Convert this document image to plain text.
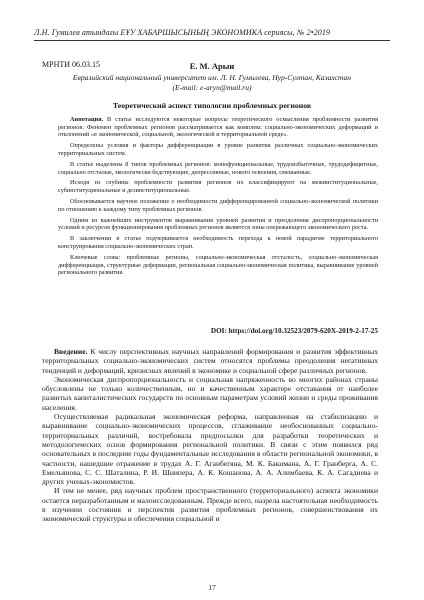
Л.Н. Гумилев атындағы ЕҰУ ХАБАРШЫСЫНЫҢ ЭКОНОМИКА сериясы, № 2•2019
МРНТИ 06.03.15	Е. М. Арын
Евразийский национальный университет им. Л. Н. Гумилева, Нур-Султан, Казахстан
(E-mail: e-aryn@mail.ru)
Теоретический аспект типологии проблемных регионов

Аннотация. В статье исследуются некоторые вопросы теоретического осмысления проблемности развития регионов. Феномен проблемных регионов рассматривается как комплекс социально-экономических деформаций и отклонений «в экономической, социальной, экологической и территориальной среде».

Определены условия и факторы дифференциации в уровне развития различных социально-экономических территориальных систем.

В статье выделены 8 типов проблемных регионов: монофункциональные, трудоизбыточные, трудодефицитные, социально отсталые, экологически бедствующие, депрессивные, нового освоения, смешанные.

Исходя из глубины проблемности развития регионов их классифицируют на межинституциональные, субинституциональные и дезинституциональные.

Обосновывается научное положение о необходимости дифференцированной социально-экономической политики по отношению к каждому типу проблемных регионов.

Одним из важнейших инструментов выравнивания уровней развития и преодоления диспропорциональности условий и ресурсов функционирования проблемных регионов являются зоны опережающего экономического роста.

В заключении в статье подчеркивается необходимость перехода к новой парадигме территориального конструирования социально-экономических стран.

Ключевые слова: проблемные регионы, социально-экономическая отсталость, социально-экономическая дифференциация, структурные деформации, региональная социально-экономическая политика, выравнивание уровней регионального развития.

DOI: https://doi.org/10.32523/2079-620X-2019-2-17-25

Введение. К числу перспективных научных направлений формирования и развития эффективных территориальных социально-экономических систем относятся проблемы преодоления негативных тенденций и деформаций, кризисных явлений в экономике и социальной сфере различных регионов.

Экономическая диспропорциональность и социальная напряженность во многих районах страны обусловлены не только количественным, но и качественным характере отставания от наиболее развитых капиталистических государств по основным параметрам условий жизни и среды проживания населения.

Осуществляемая радикальная экономическая реформа, направленная на стабилизацию и выравнивание социально-экономических процессов, сглаживание необоснованных социально-территориальных различий, востребовала предпосылки для разработки теоретических и методологических основ формирования региональной политики. В связи с этим появился ряд основательных в последние годы фундаментальные исследования в области региональной экономики, в частности, нашедшие отражение в трудах А. Г. Аганбегяна, М. К. Бакимана, А. Г. Гранберга, А. С. Емельянова, С. С. Шаталина, Р. И. Шнипера, А. К. Кошанова, А. А. Алимбаева, К. А. Сагадиева и других ученых-экономистов.

И тем не менее, ряд научных проблем пространственного (территориального) аспекта экономики остается неразработанным и малоисследованным. Прежде всего, назрела настоятельная необходимость в изучении состояния и перспектив развития проблемных регионов, совершенствования их экономической структуры и обеспечения социальной и

17
